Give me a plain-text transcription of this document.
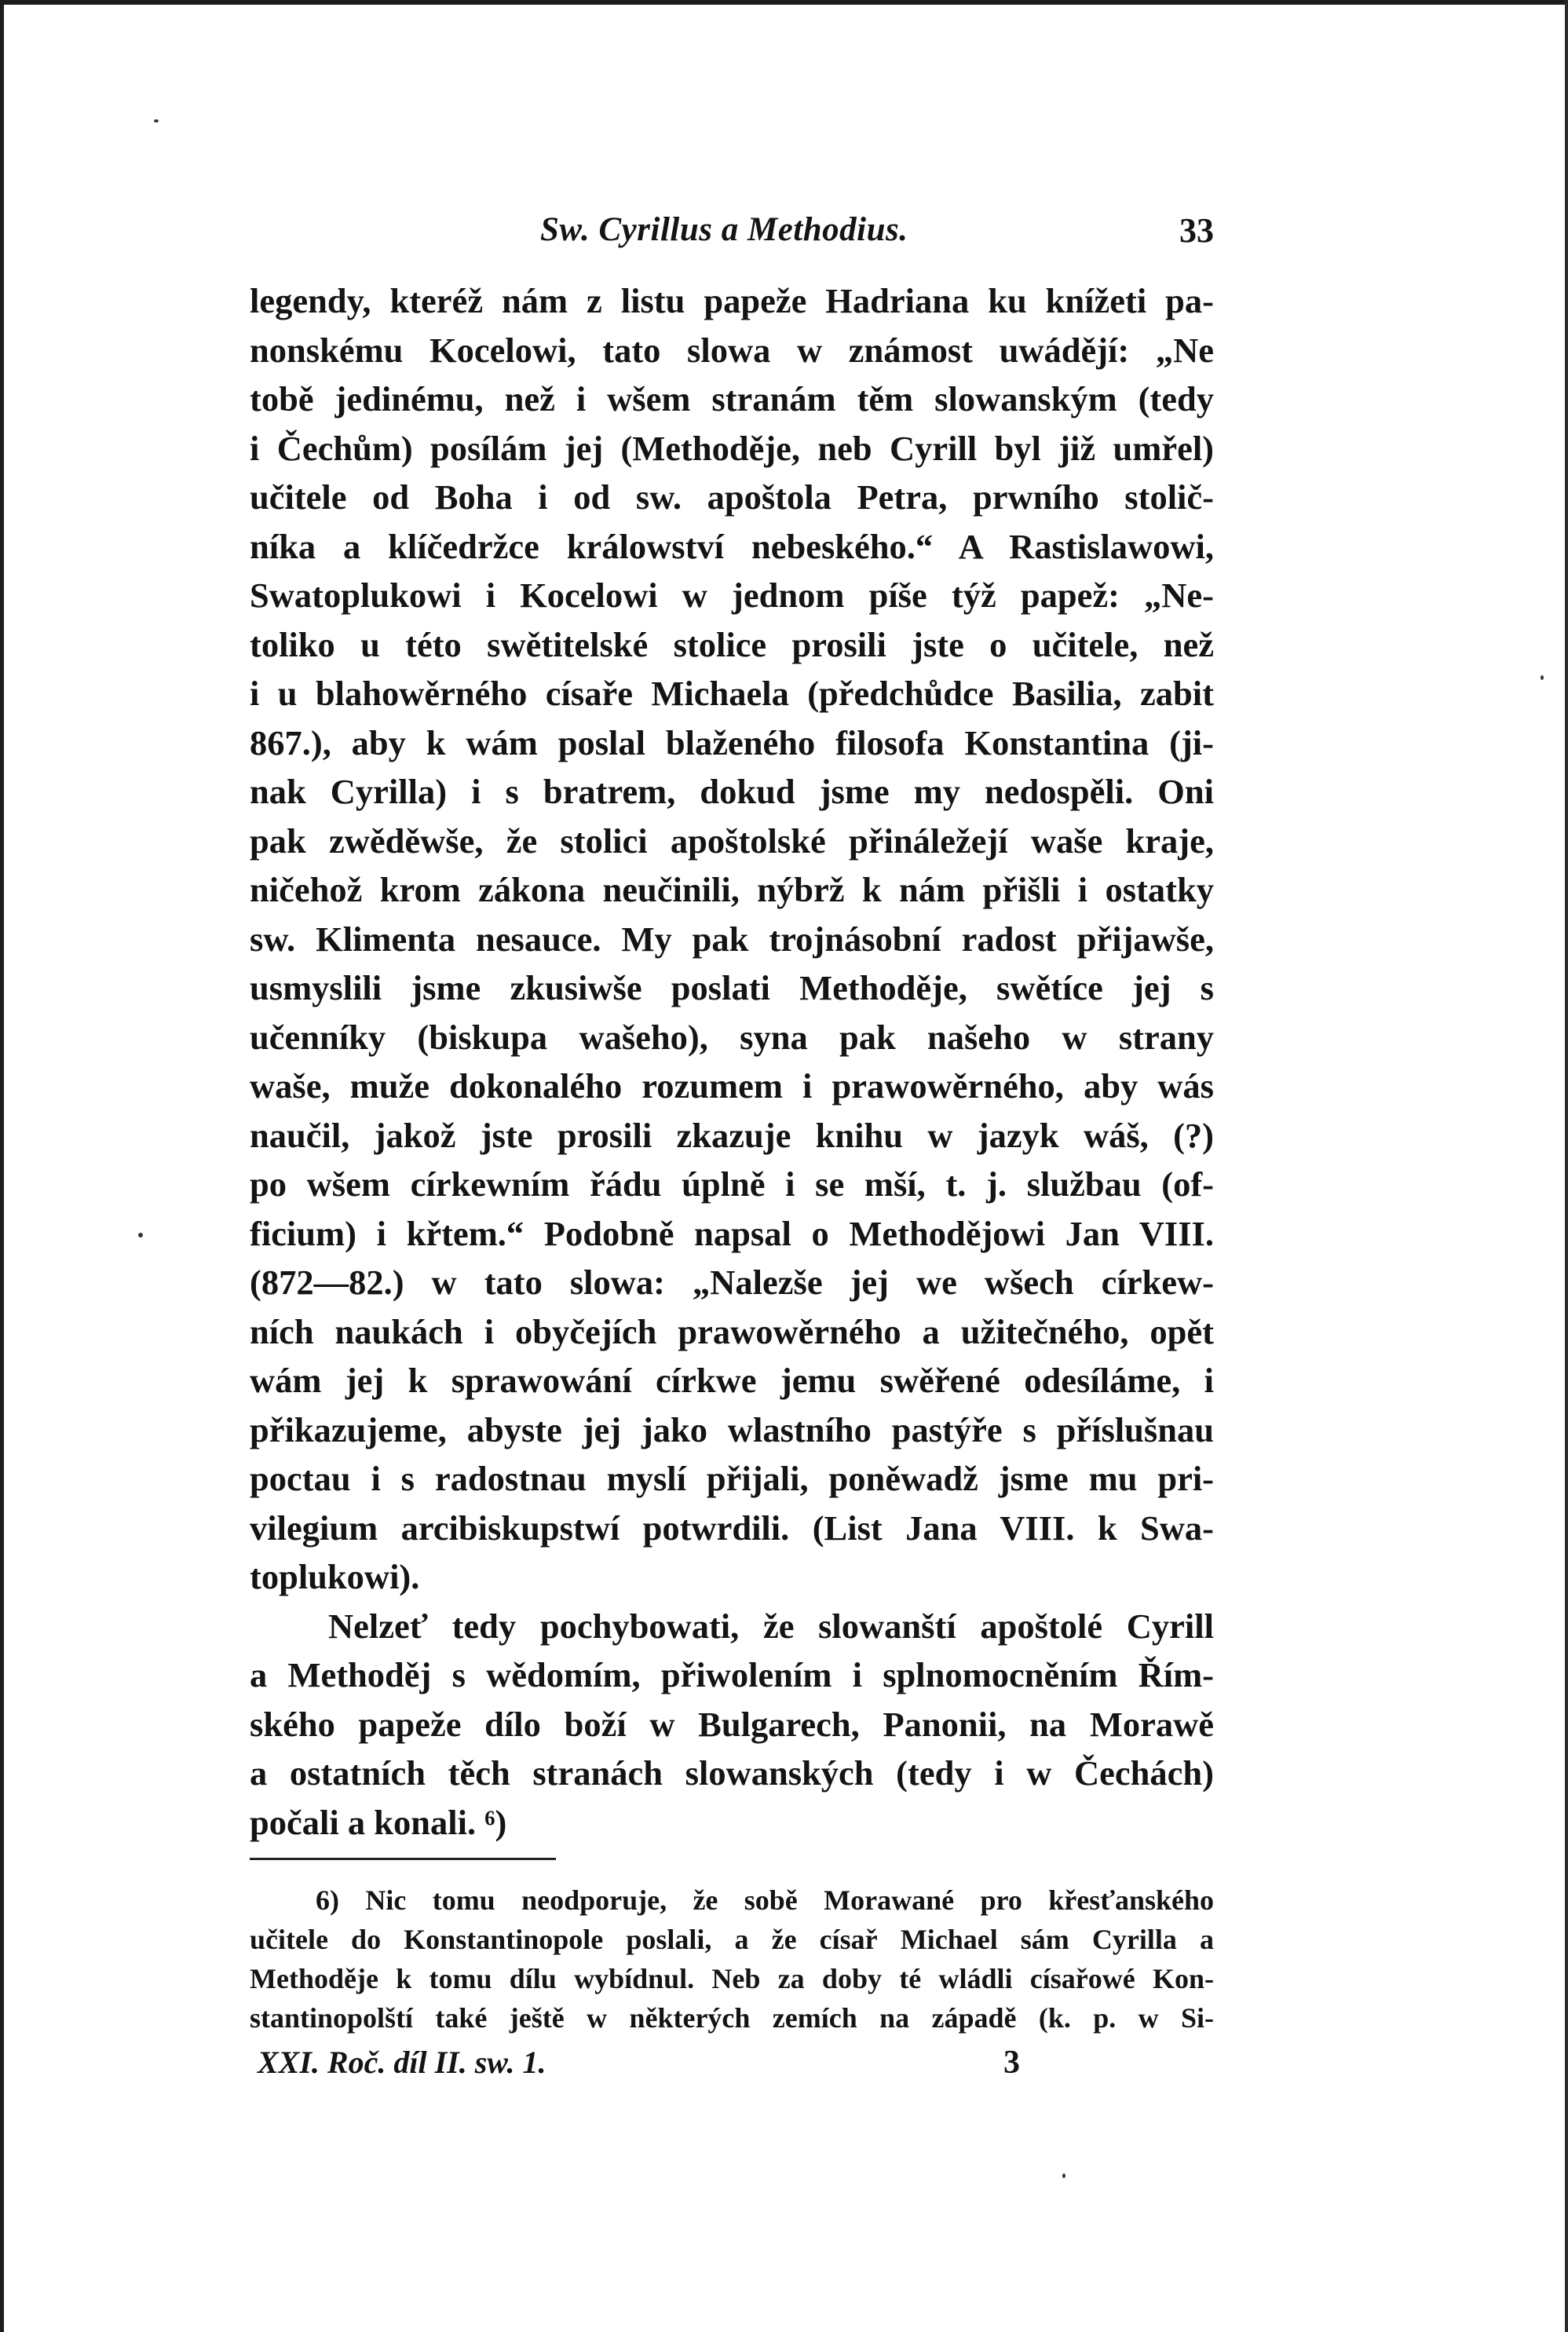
Sw. Cyrillus a Methodius.	33
legendy, kteréž nám z listu papeže Hadriana ku knížeti pa-
nonskému Kocelowi, tato slowa w známost uwádějí: „Ne
tobě jedinému, než i wšem stranám těm slowanským (tedy
i Čechům) posílám jej (Methoděje, neb Cyrill byl již umřel)
učitele od Boha i od sw. apoštola Petra, prwního stolič-
níka a klíčedržce králowství nebeského.“ A Rastislawowi,
Swatoplukowi i Kocelowi w jednom píše týž papež: „Ne-
toliko u této swětitelské stolice prosili jste o učitele, než
i u blahowěrného císaře Michaela (předchůdce Basilia, zabit
867.), aby k wám poslal blaženého filosofa Konstantina (ji-
nak Cyrilla) i s bratrem, dokud jsme my nedospěli. Oni
pak zwěděwše, že stolici apoštolské přináležejí waše kraje,
ničehož krom zákona neučinili, nýbrž k nám přišli i ostatky
sw. Klimenta nesauce. My pak trojnásobní radost přijawše,
usmyslili jsme zkusiwše poslati Methoděje, swětíce jej s
učenníky (biskupa wašeho), syna pak našeho w strany
waše, muže dokonalého rozumem i prawowěrného, aby wás
naučil, jakož jste prosili zkazuje knihu w jazyk wáš, (?)
po wšem církewním řádu úplně i se mší, t. j. službau (of-
ficium) i křtem.“ Podobně napsal o Methodějowi Jan VIII.
(872—82.) w tato slowa: „Nalezše jej we wšech církew-
ních naukách i obyčejích prawowěrného a užitečného, opět
wám jej k sprawowání církwe jemu swěřené odesíláme, i
přikazujeme, abyste jej jako wlastního pastýře s příslušnau
poctau i s radostnau myslí přijali, poněwadž jsme mu pri-
vilegium arcibiskupstwí potwrdili. (List Jana VIII. k Swa-
toplukowi).
Nelzeť tedy pochybowati, že slowanští apoštolé Cyrill
a Methoděj s wědomím, přiwolením i splnomocněním Řím-
ského papeže dílo boží w Bulgarech, Panonii, na Morawě
a ostatních těch stranách slowanských (tedy i w Čechách)
počali a konali. ⁶)
6) Nic tomu neodporuje, že sobě Morawané pro křesťanského
učitele do Konstantinopole poslali, a že císař Michael sám Cyrilla a
Methoděje k tomu dílu wybídnul. Neb za doby té wládli císařowé Kon-
stantinopolští také ještě w některých zemích na západě (k. p. w Si-
XXI. Roč. díl II. sw. 1.	3
